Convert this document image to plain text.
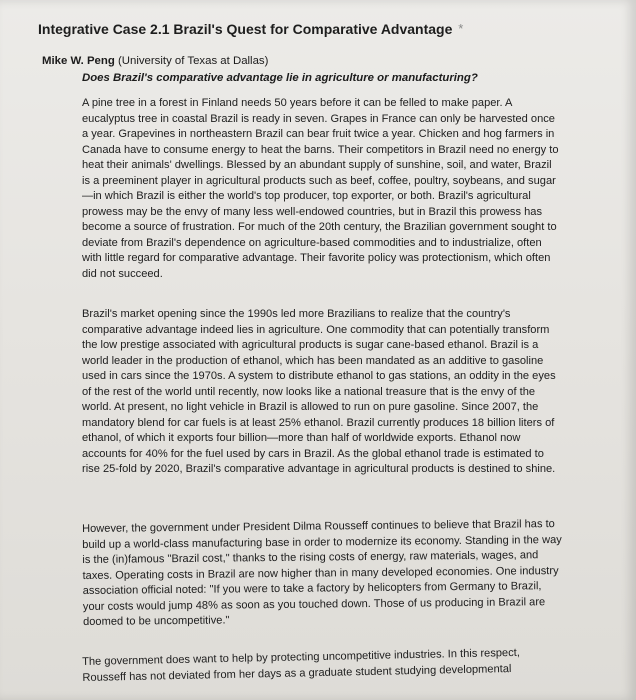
Integrative Case 2.1 Brazil's Quest for Comparative Advantage *
Mike W. Peng (University of Texas at Dallas)
Does Brazil's comparative advantage lie in agriculture or manufacturing?

A pine tree in a forest in Finland needs 50 years before it can be felled to make paper. A eucalyptus tree in coastal Brazil is ready in seven. Grapes in France can only be harvested once a year. Grapevines in northeastern Brazil can bear fruit twice a year. Chicken and hog farmers in Canada have to consume energy to heat the barns. Their competitors in Brazil need no energy to heat their animals' dwellings. Blessed by an abundant supply of sunshine, soil, and water, Brazil is a preeminent player in agricultural products such as beef, coffee, poultry, soybeans, and sugar—in which Brazil is either the world's top producer, top exporter, or both. Brazil's agricultural prowess may be the envy of many less well-endowed countries, but in Brazil this prowess has become a source of frustration. For much of the 20th century, the Brazilian government sought to deviate from Brazil's dependence on agriculture-based commodities and to industrialize, often with little regard for comparative advantage. Their favorite policy was protectionism, which often did not succeed.

Brazil's market opening since the 1990s led more Brazilians to realize that the country's comparative advantage indeed lies in agriculture. One commodity that can potentially transform the low prestige associated with agricultural products is sugar cane-based ethanol. Brazil is a world leader in the production of ethanol, which has been mandated as an additive to gasoline used in cars since the 1970s. A system to distribute ethanol to gas stations, an oddity in the eyes of the rest of the world until recently, now looks like a national treasure that is the envy of the world. At present, no light vehicle in Brazil is allowed to run on pure gasoline. Since 2007, the mandatory blend for car fuels is at least 25% ethanol. Brazil currently produces 18 billion liters of ethanol, of which it exports four billion—more than half of worldwide exports. Ethanol now accounts for 40% for the fuel used by cars in Brazil. As the global ethanol trade is estimated to rise 25-fold by 2020, Brazil's comparative advantage in agricultural products is destined to shine.

However, the government under President Dilma Rousseff continues to believe that Brazil has to build up a world-class manufacturing base in order to modernize its economy. Standing in the way is the (in)famous "Brazil cost," thanks to the rising costs of energy, raw materials, wages, and taxes. Operating costs in Brazil are now higher than in many developed economies. One industry association official noted: "If you were to take a factory by helicopters from Germany to Brazil, your costs would jump 48% as soon as you touched down. Those of us producing in Brazil are doomed to be uncompetitive."

The government does want to help by protecting uncompetitive industries. In this respect, Rousseff has not deviated from her days as a graduate student studying developmental
